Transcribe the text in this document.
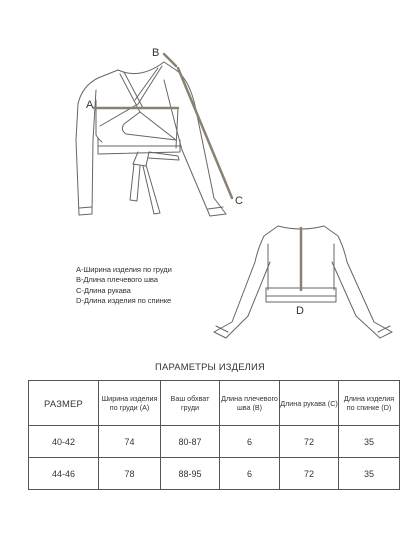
A
B
C
D
А-Ширина изделия по груди
В-Длина плечевого шва
С-Длина рукава
D-Длина изделия по спинке
ПАРАМЕТРЫ ИЗДЕЛИЯ
РАЗМЕР	Ширина изделия по груди (А)	Ваш обхват груди	Длина плечевого шва (В)	Длина рукава (С)	Длина изделия по спинке (D)
40-42	74	80-87	6	72	35
44-46	78	88-95	6	72	35
